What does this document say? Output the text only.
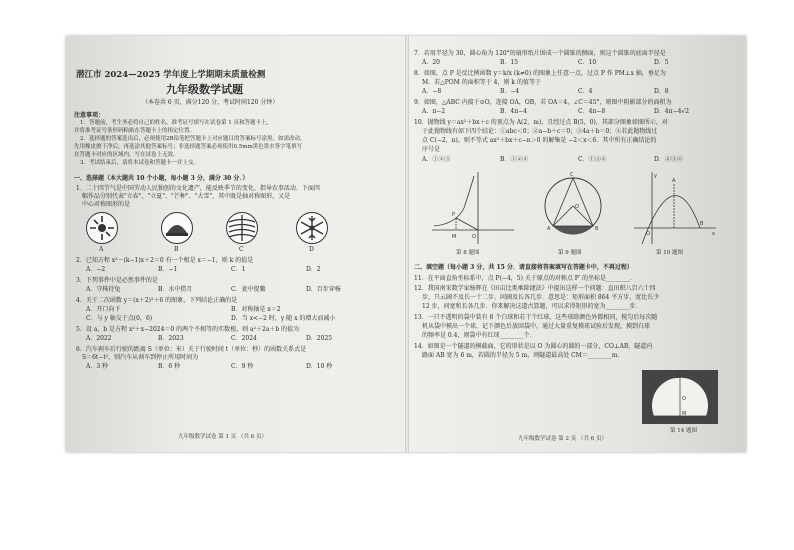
潜江市 2024—2025 学年度上学期期末质量检测
九年级数学试题
（本卷共 6 页，满分120 分，考试时间120 分钟）
注意事项：
1．答题前，考生务必将自己的姓名、准考证号填写在试卷第 1 页和答题卡上，
并将准考证号条形码粘贴在答题卡上的指定位置。
2．选择题的答案选出后，必须使用2B铅笔把答题卡上对应题目的答案标号涂黑。如需改动，
先用橡皮擦干净后，再选涂其他答案标号；非选择题答案必须使用0.5mm黑色墨水签字笔填写
在答题卡对应的区域内，写在试卷上无效。
3．考试结束后，请将本试卷和答题卡一并上交。
一、选择题（本大题共 10 个小题，每小题 3 分，满分 30 分．）
1．二十四节气是中国劳动人民独创的文化遗产，能反映季节的变化，指导农事活动．下面四
幅作品分别代表"立春"、"立夏"、"芒种"、"大雪"，其中既是轴对称图形，又是
中心对称图形的是
A	B	C	D
2．已知方程 x²－(k−1)x＋2＝0 有一个根是 x＝−1，则 k 的值是
A．−2	B．−1	C．1	D．2
3．下列事件中是必然事件的是
A．守株待兔	B．水中捞月	C．瓮中捉鳖	D．百步穿杨
4．关于二次函数 y＝(x＋2)²＋6 的图象，下列结论正确的是
A．开口向下	B．对称轴是 x＝2
C．与 y 轴交于点(0，6)	D．当 x<−2 时，y 随 x 的增大而减小
5．设 a，b 是方程 x²＋x−2024＝0 的两个不相等的实数根，则 a²＋2a＋b 的值为
A．2022	B．2023	C．2024	D．2025
6．汽车刹车后行驶的距离 S（单位：米）关于行驶时间 t（单位：秒）的函数关系式是
S＝6t−t²，则汽车从刹车到停止所用时间为
A．3 秒	B．6 秒	C．9 秒	D．10 秒
九年级数学试卷 第 1 页 （共 6 页）
7．若用半径为 30，圆心角为 120°的扇形纸片围成一个圆锥的侧面，则这个圆锥的底面半径是
A．20	B．15	C．10	D．5
8．如图，点 P 是反比例函数 y＝k/x (k≠0) 的图象上任意一点，过点 P 作 PM⊥x 轴，垂足为
M．若△POM 的面积等于 4，则 k 的值等于
A．−8	B．−4	C．4	D．8
9．如图，△ABC 内接于⊙O，连接 OA，OB，若 OA＝4，∠C＝45°，则图中阴影部分的面积为
A．π−2	B．4π−4	C．4π−8	D．4π−4√2
10．抛物线 y＝ax²＋bx＋c 的顶点为 A(2，m)，且经过点 B(5，0)，其部分图象如图所示，对
于此抛物线有如下四个结论：①abc＜0；②a−b＋c＝0；③4a＋b＝0；④若此抛物线过
点 C(−2，n)，则不等式 ax²＋bx＋c−n＞0 的解集是 −2＜x＜6．其中所有正确结论的
序号是
A．①②③	B．①②④	C．①③④	D．②③④
M	O
P
C
A	B
O
A
B
O	x
y
第 8 题图	第 9 题图	第 10 题图
二、填空题（每小题 3 分，共 15 分．请直接将答案填写在答题卡中，不再过程）
11．在平面直角坐标系中，点 P(−4，5) 关于原点的对称点 P′ 的坐标是________．
12．我国南宋数学家杨辉在《田亩比类乘除捷法》中提出这样一个问题：直田积八百六十四
步，只云阔不及长一十二步，问阔及长各几步．意思是：矩形面积 864 平方步，宽比长少
12 步，问宽和长各几步．你来解决这道古算题，可以求得矩形的宽为________步．
13．一只不透明的袋中装有 8 个白球和若干个红球，这些球除颜色外都相同，搅匀后每次随
机从袋中摸出一个球，记下颜色后放回袋中，通过大量重复摸球试验后发现，摸到白球
的频率是 0.4，则袋中有红球________个．
14．如图是一个隧道的横截面，它的形状是以 O 为圆心的圆的一部分，CO⊥AB，隧道内
路面 AB 宽为 6 m，若圆的半径为 5 m，则隧道最高处 CM＝________m．
C
O
M
第 14 题图
九年级数学试卷 第 2 页 （共 6 页）
